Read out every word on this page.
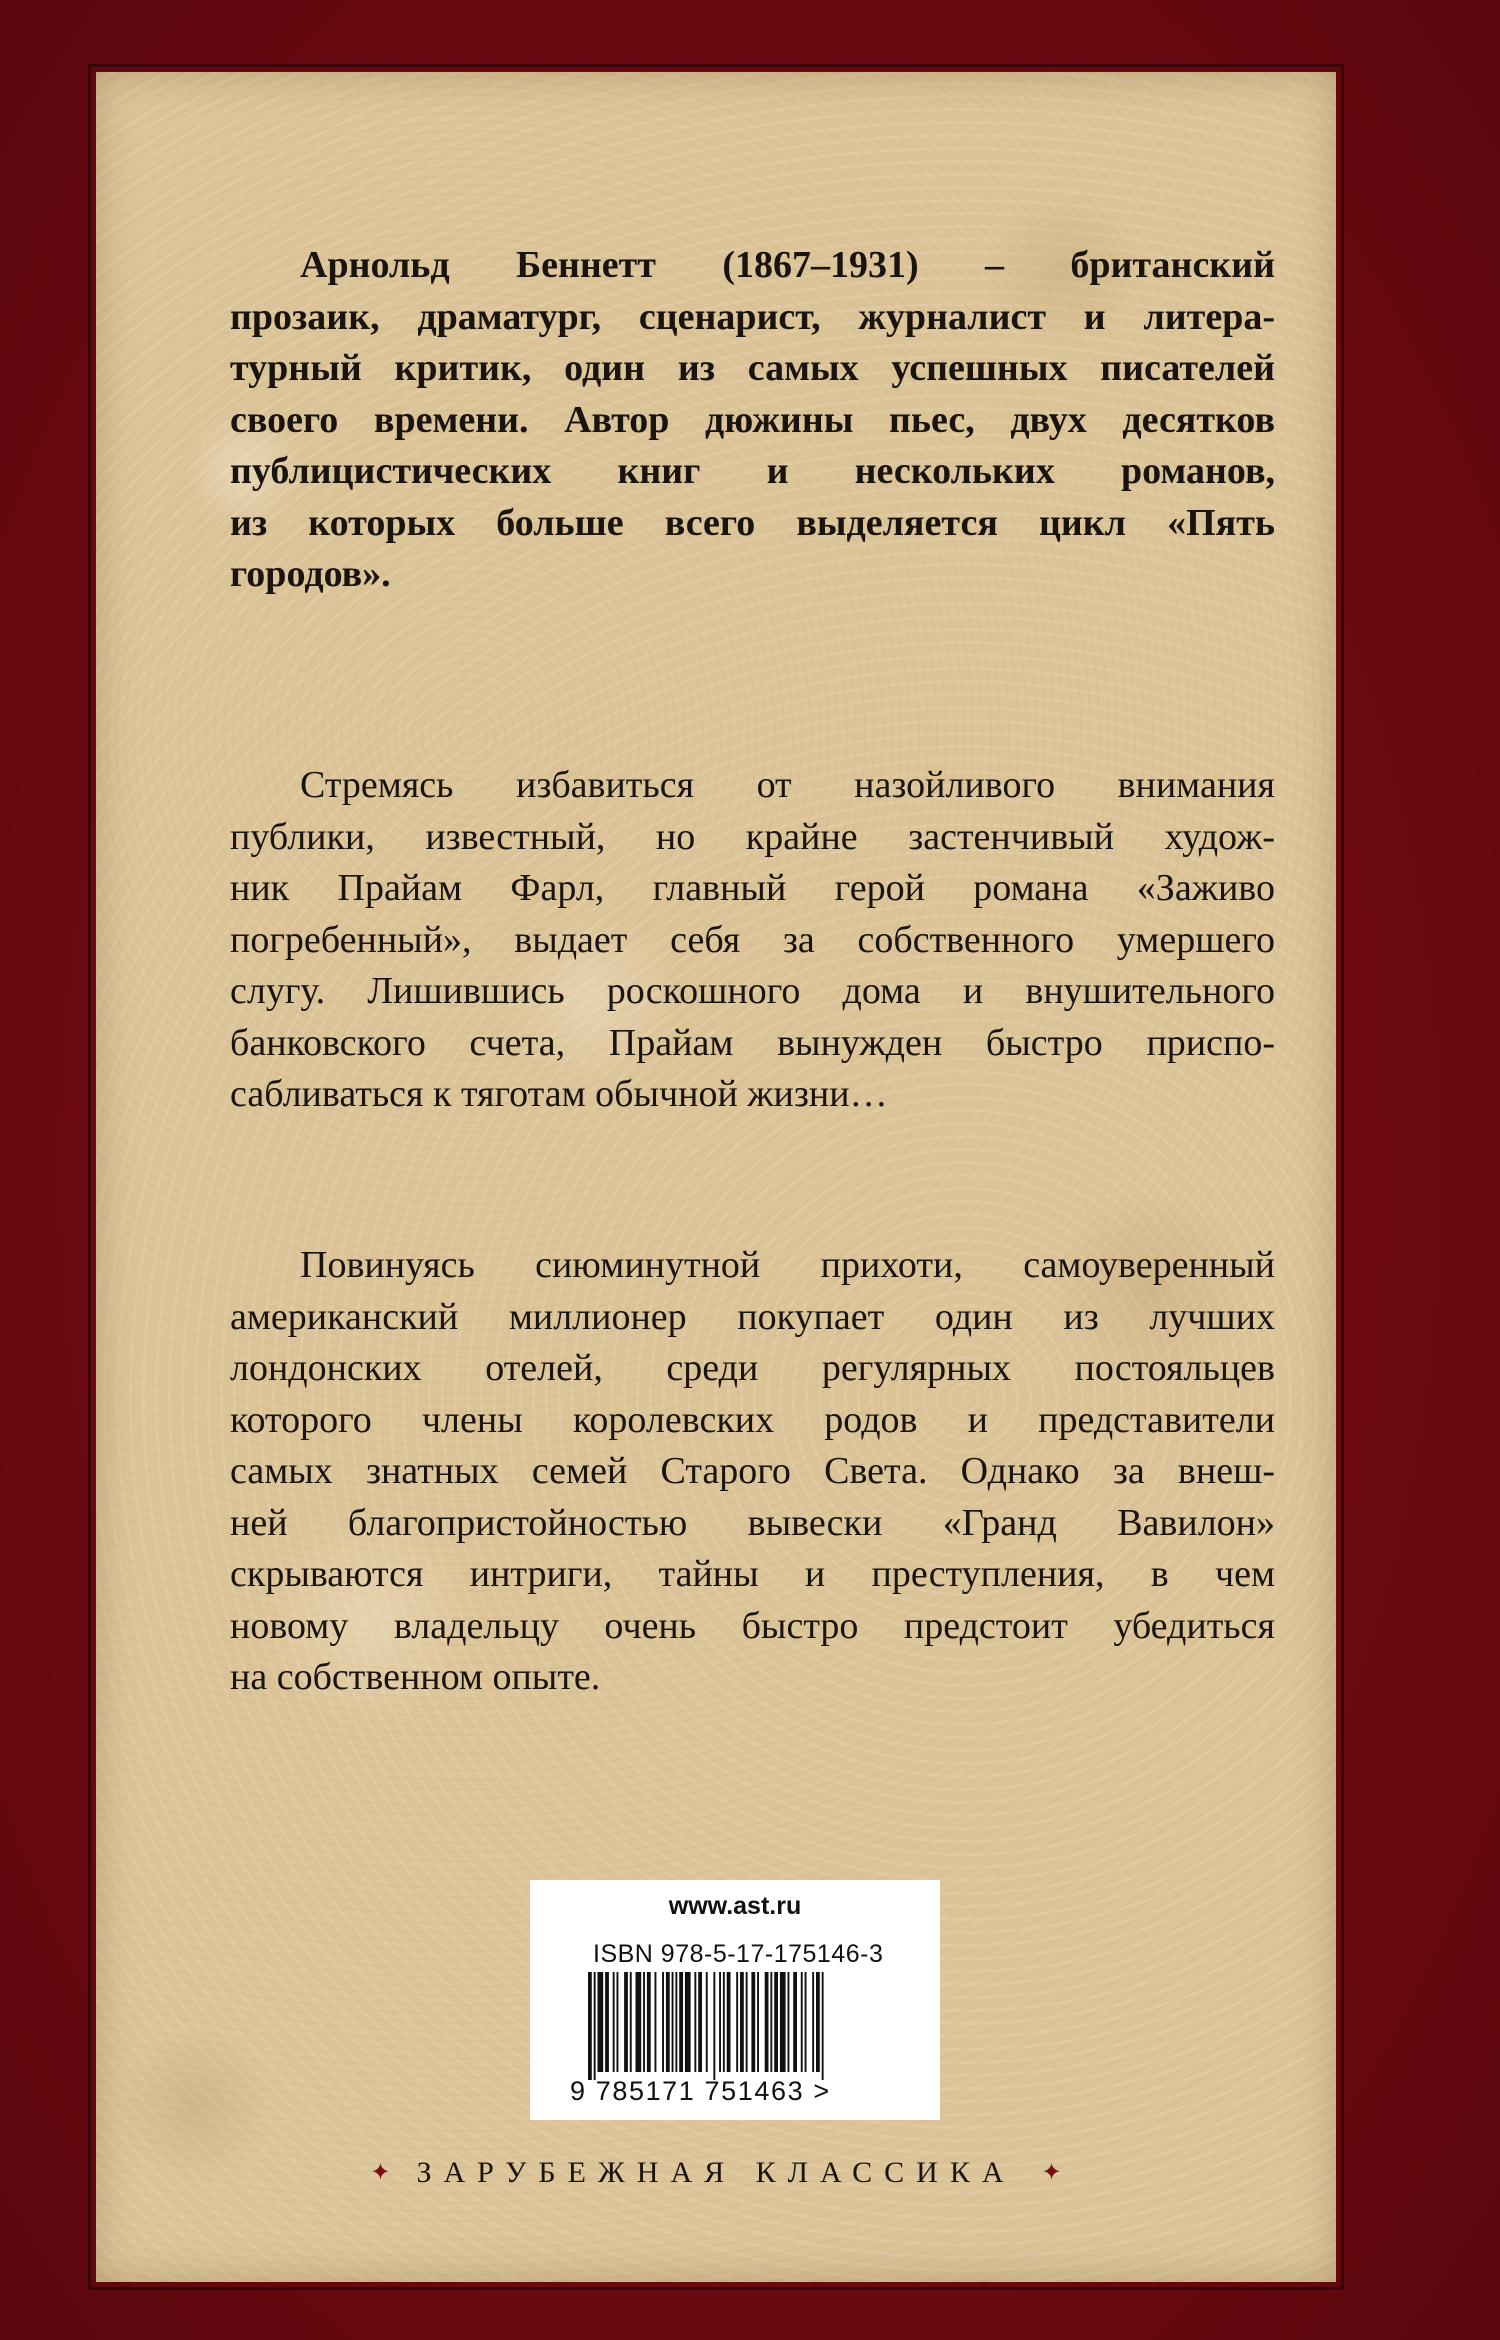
Арнольд Беннетт (1867–1931) – британский
прозаик, драматург, сценарист, журналист и литера-
турный критик, один из самых успешных писателей
своего времени. Автор дюжины пьес, двух десятков
публицистических книг и нескольких романов,
из которых больше всего выделяется цикл «Пять
городов».
Стремясь избавиться от назойливого внимания
публики, известный, но крайне застенчивый худож-
ник Прайам Фарл, главный герой романа «Заживо
погребенный», выдает себя за собственного умершего
слугу. Лишившись роскошного дома и внушительного
банковского счета, Прайам вынужден быстро приспо-
сабливаться к тяготам обычной жизни…
Повинуясь сиюминутной прихоти, самоуверенный
американский миллионер покупает один из лучших
лондонских отелей, среди регулярных постояльцев
которого члены королевских родов и представители
самых знатных семей Старого Света. Однако за внеш-
ней благопристойностью вывески «Гранд Вавилон»
скрываются интриги, тайны и преступления, в чем
новому владельцу очень быстро предстоит убедиться
на собственном опыте.
www.ast.ru
ISBN 978-5-17-175146-3
9 785171 751463 >
✦ ЗАРУБЕЖНАЯ КЛАССИКА ✦
